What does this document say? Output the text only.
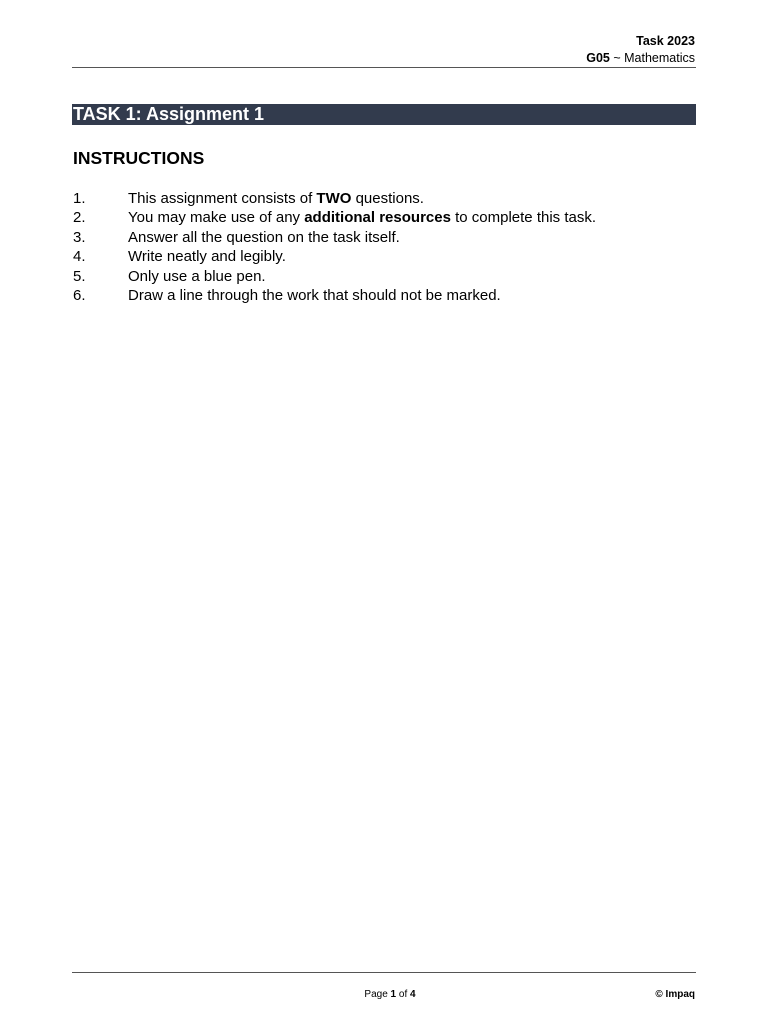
Task 2023
G05 ~ Mathematics
TASK 1: Assignment 1
INSTRUCTIONS
1.	This assignment consists of TWO questions.
2.	You may make use of any additional resources to complete this task.
3.	Answer all the question on the task itself.
4.	Write neatly and legibly.
5.	Only use a blue pen.
6.	Draw a line through the work that should not be marked.
Page 1 of 4	© Impaq
